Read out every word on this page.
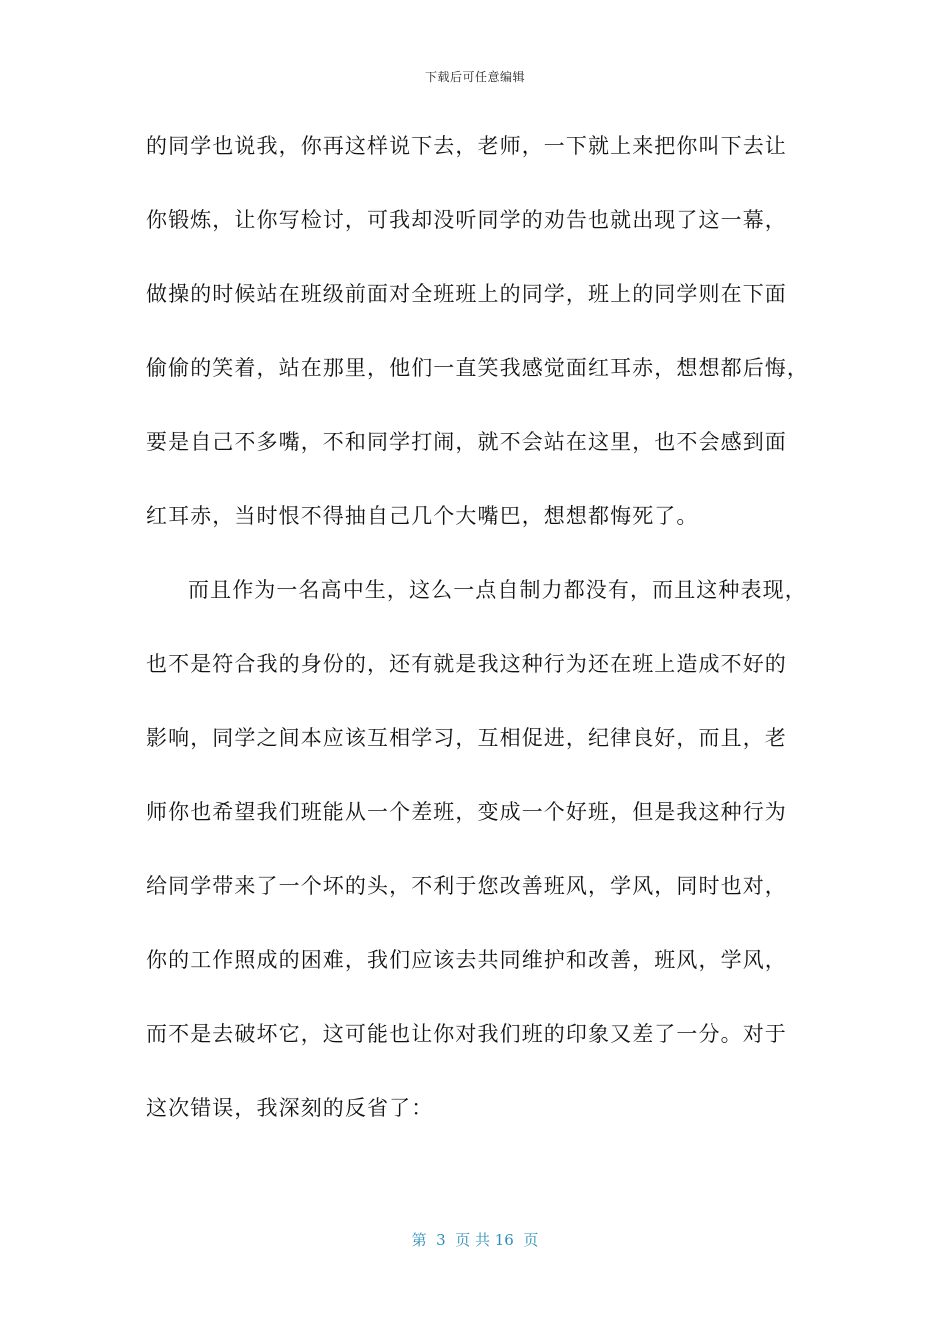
下载后可任意编辑
的同学也说我，你再这样说下去，老师，一下就上来把你叫下去让
你锻炼，让你写检讨，可我却没听同学的劝告也就出现了这一幕，
做操的时候站在班级前面对全班班上的同学，班上的同学则在下面
偷偷的笑着，站在那里，他们一直笑我感觉面红耳赤，想想都后悔，
要是自己不多嘴，不和同学打闹，就不会站在这里，也不会感到面
红耳赤，当时恨不得抽自己几个大嘴巴，想想都悔死了。
而且作为一名高中生，这么一点自制力都没有，而且这种表现，
也不是符合我的身份的，还有就是我这种行为还在班上造成不好的
影响，同学之间本应该互相学习，互相促进，纪律良好，而且，老
师你也希望我们班能从一个差班，变成一个好班，但是我这种行为
给同学带来了一个坏的头，不利于您改善班风，学风，同时也对，
你的工作照成的困难，我们应该去共同维护和改善，班风，学风，
而不是去破坏它，这可能也让你对我们班的印象又差了一分。对于
这次错误，我深刻的反省了：
第  3  页 共 16  页
